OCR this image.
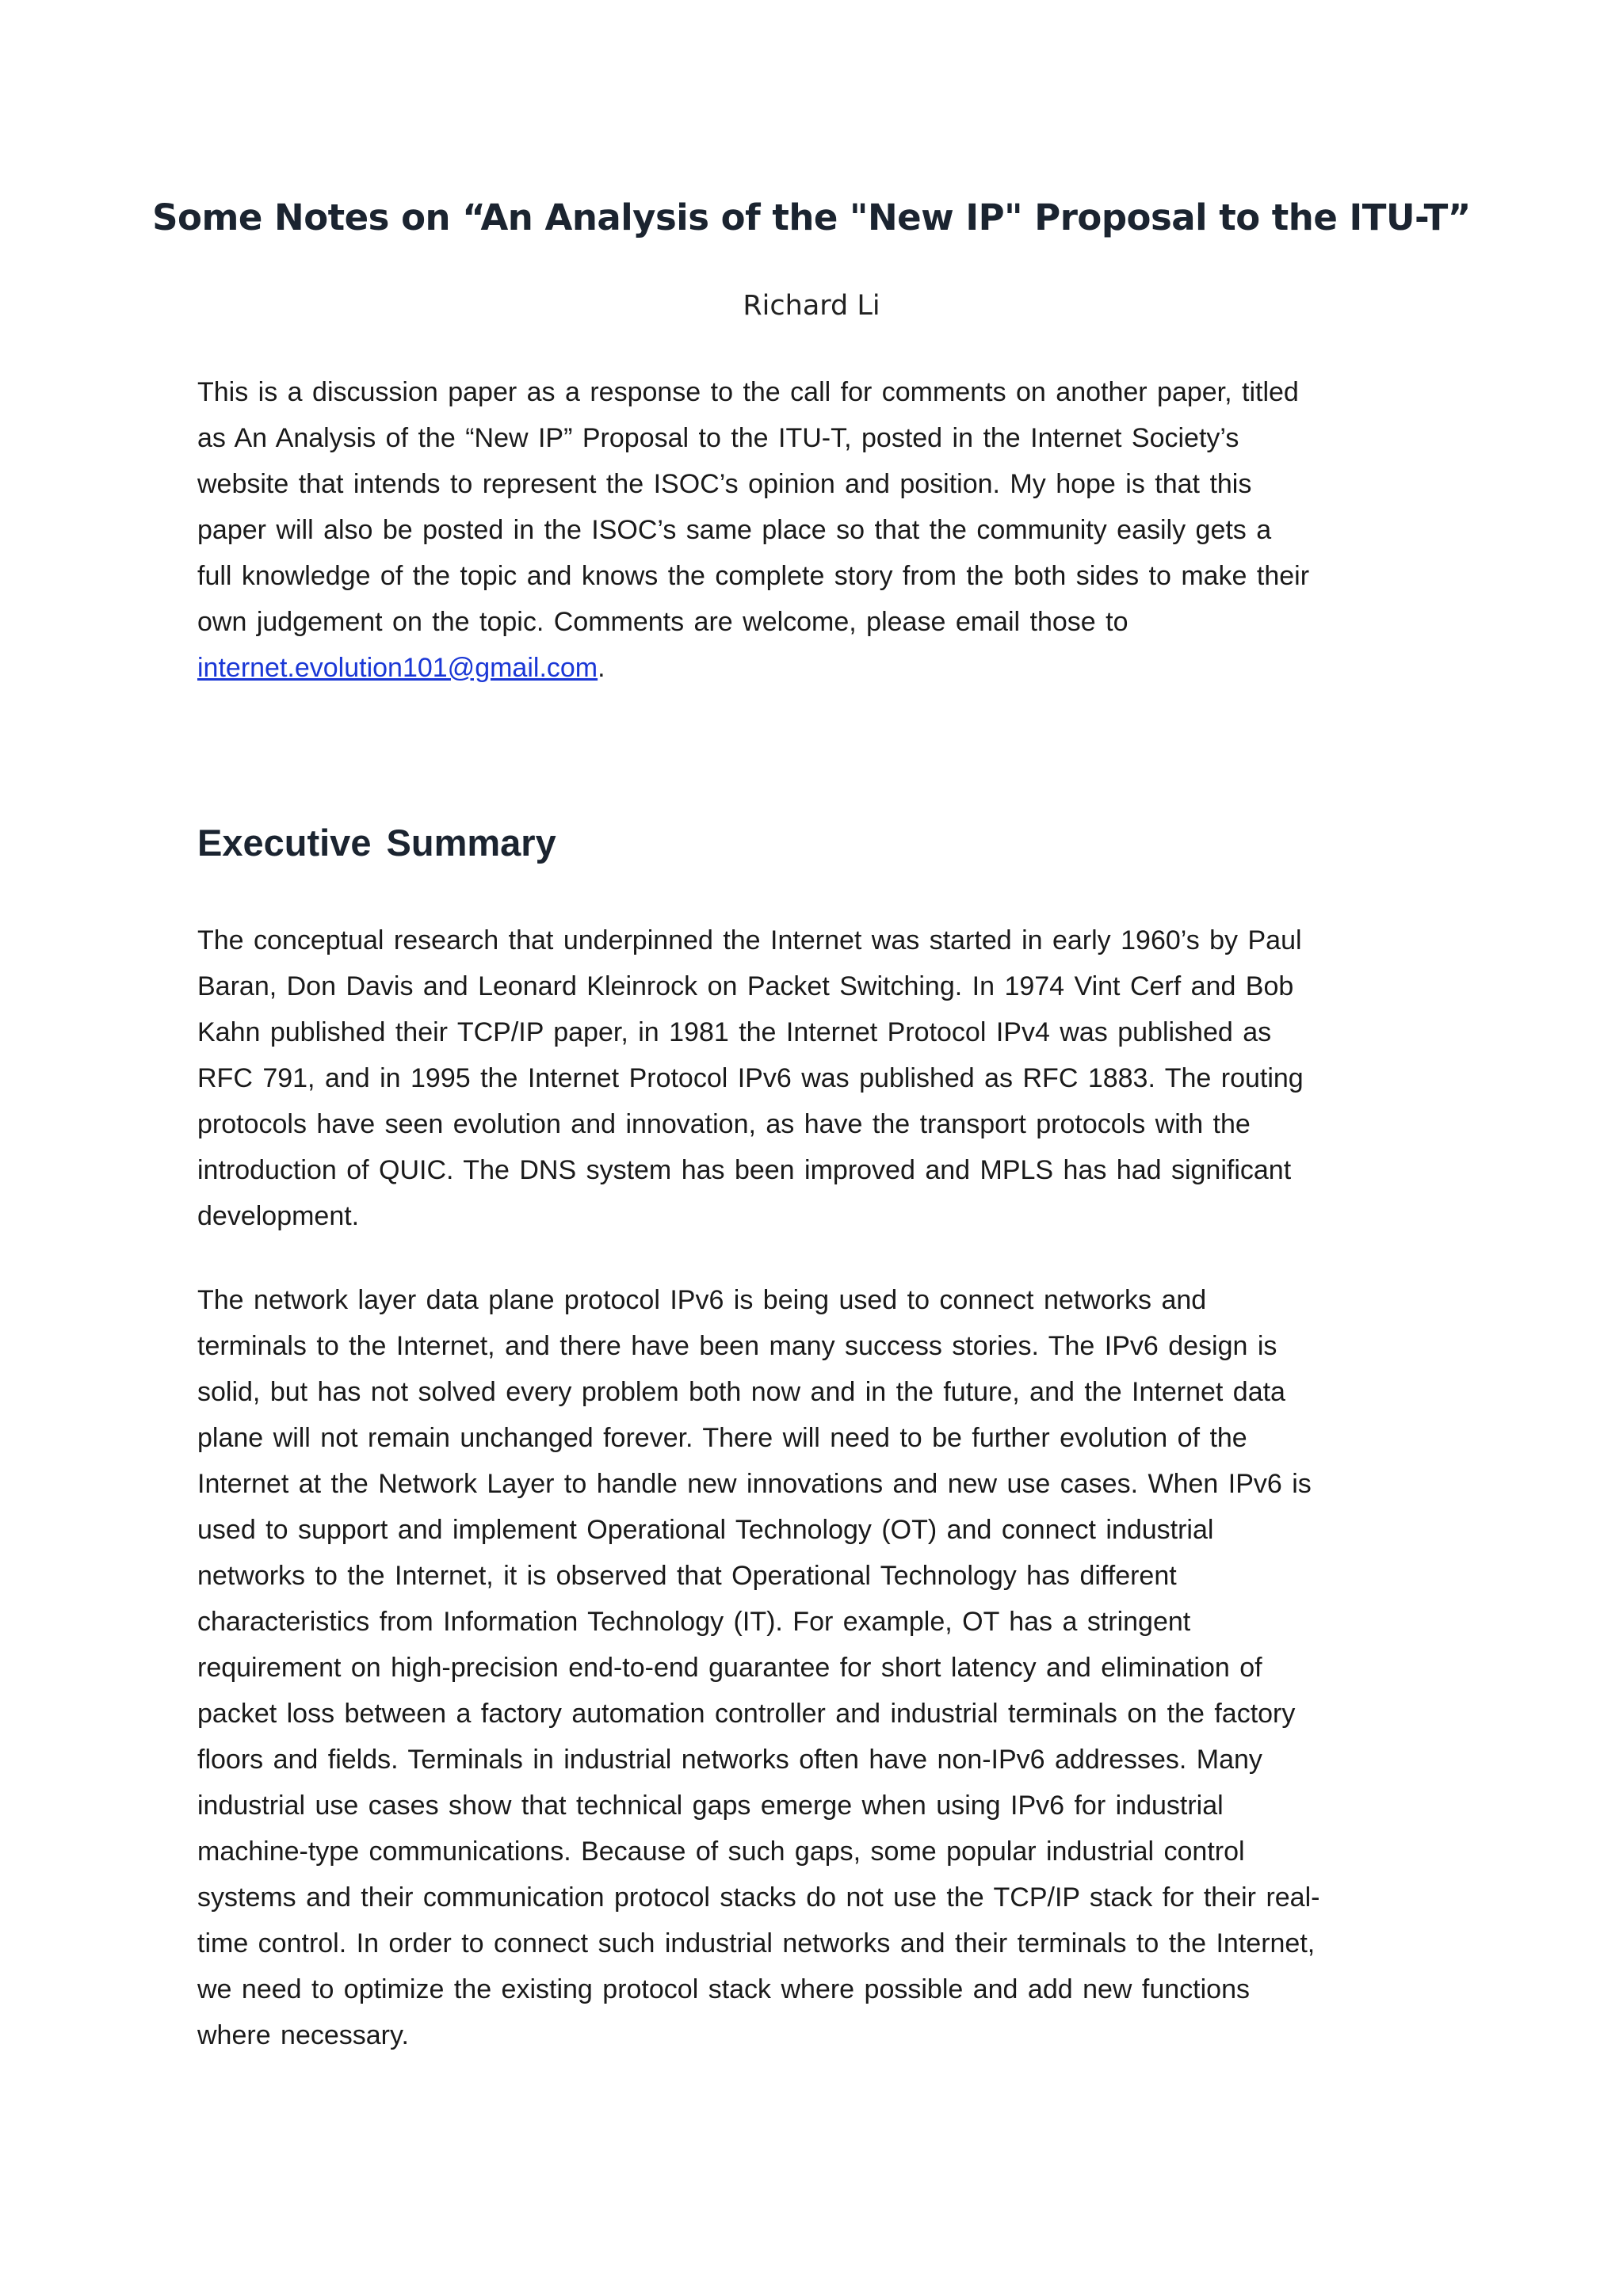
Some Notes on “An Analysis of the "New IP" Proposal to the ITU-T”
Richard Li
This is a discussion paper as a response to the call for comments on another paper, titled
as An Analysis of the “New IP” Proposal to the ITU-T, posted in the Internet Society’s
website that intends to represent the ISOC’s opinion and position. My hope is that this
paper will also be posted in the ISOC’s same place so that the community easily gets a
full knowledge of the topic and knows the complete story from the both sides to make their
own judgement on the topic. Comments are welcome, please email those to
internet.evolution101@gmail.com.
Executive Summary
The conceptual research that underpinned the Internet was started in early 1960’s by Paul
Baran, Don Davis and Leonard Kleinrock on Packet Switching. In 1974 Vint Cerf and Bob
Kahn published their TCP/IP paper, in 1981 the Internet Protocol IPv4 was published as
RFC 791, and in 1995 the Internet Protocol IPv6 was published as RFC 1883. The routing
protocols have seen evolution and innovation, as have the transport protocols with the
introduction of QUIC. The DNS system has been improved and MPLS has had significant
development.
The network layer data plane protocol IPv6 is being used to connect networks and
terminals to the Internet, and there have been many success stories. The IPv6 design is
solid, but has not solved every problem both now and in the future, and the Internet data
plane will not remain unchanged forever. There will need to be further evolution of the
Internet at the Network Layer to handle new innovations and new use cases. When IPv6 is
used to support and implement Operational Technology (OT) and connect industrial
networks to the Internet, it is observed that Operational Technology has different
characteristics from Information Technology (IT). For example, OT has a stringent
requirement on high-precision end-to-end guarantee for short latency and elimination of
packet loss between a factory automation controller and industrial terminals on the factory
floors and fields. Terminals in industrial networks often have non-IPv6 addresses. Many
industrial use cases show that technical gaps emerge when using IPv6 for industrial
machine-type communications. Because of such gaps, some popular industrial control
systems and their communication protocol stacks do not use the TCP/IP stack for their real-
time control. In order to connect such industrial networks and their terminals to the Internet,
we need to optimize the existing protocol stack where possible and add new functions
where necessary.
